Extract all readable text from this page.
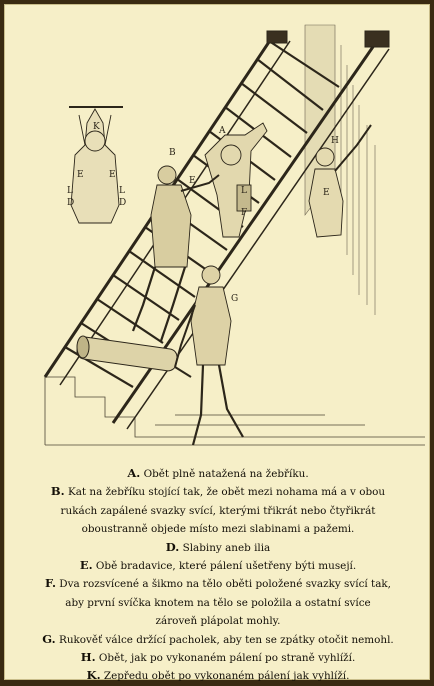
K
E	E
L	L
D	D
A
B
E
L
F
H
E
G
A. Obět plně natažená na žebříku.
B. Kat na žebříku stojící tak, že obět mezi nohama má a v obou
rukách zapálené svazky svící, kterými třikrát nebo čtyřikrát
oboustranně objede místo mezi slabinami a pažemi.
D. Slabiny aneb ilia
E. Obě bradavice, které pálení ušetřeny býti musejí.
F. Dva rozsvícené a šikmo na tělo oběti položené svazky svící tak,
aby první svíčka knotem na tělo se položila a ostatní svíce
zároveň plápolat mohly.
G. Rukověť válce držící pacholek, aby ten se zpátky otočit nemohl.
H. Obět, jak po vykonaném pálení po straně vyhlíží.
K. Zepředu obět po vykonaném pálení jak vyhlíží.
